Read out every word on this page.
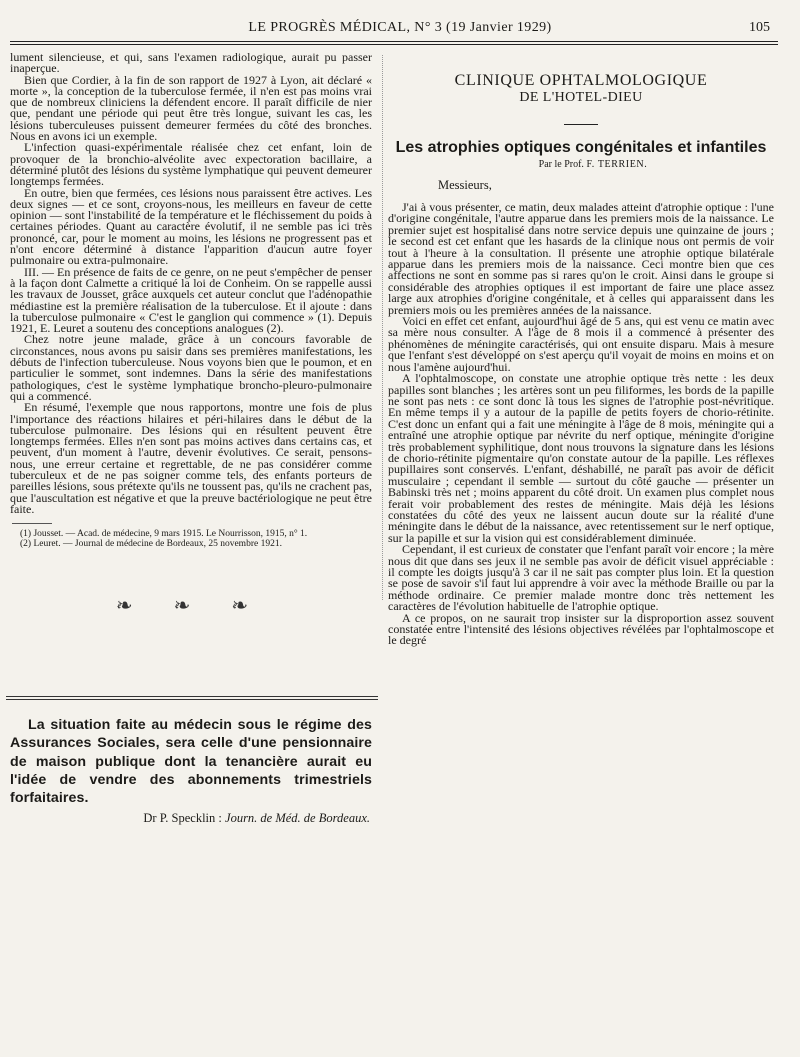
LE PROGRÈS MÉDICAL, N° 3 (19 Janvier 1929)	105

lument silencieuse, et qui, sans l'examen radiologique, aurait pu passer inaperçue.

Bien que Cordier, à la fin de son rapport de 1927 à Lyon, ait déclaré « morte », la conception de la tuberculose fermée, il n'en est pas moins vrai que de nombreux cliniciens la défendent encore. Il paraît difficile de nier que, pendant une période qui peut être très longue, suivant les cas, les lésions tuberculeuses puissent demeurer fermées du côté des bronches. Nous en avons ici un exemple.

L'infection quasi-expérimentale réalisée chez cet enfant, loin de provoquer de la bronchio-alvéolite avec expectoration bacillaire, a déterminé plutôt des lésions du système lymphatique qui peuvent demeurer longtemps fermées.

En outre, bien que fermées, ces lésions nous paraissent être actives. Les deux signes — et ce sont, croyons-nous, les meilleurs en faveur de cette opinion — sont l'instabilité de la température et le fléchissement du poids à certaines périodes. Quant au caractère évolutif, il ne semble pas ici très prononcé, car, pour le moment au moins, les lésions ne progressent pas et n'ont encore déterminé à distance l'apparition d'aucun autre foyer pulmonaire ou extra-pulmonaire.

III. — En présence de faits de ce genre, on ne peut s'empêcher de penser à la façon dont Calmette a critiqué la loi de Conheim. On se rappelle aussi les travaux de Jousset, grâce auxquels cet auteur conclut que l'adénopathie médiastine est la première réalisation de la tuberculose. Et il ajoute : dans la tuberculose pulmonaire « C'est le ganglion qui commence » (1). Depuis 1921, E. Leuret a soutenu des conceptions analogues (2).

Chez notre jeune malade, grâce à un concours favorable de circonstances, nous avons pu saisir dans ses premières manifestations, les débuts de l'infection tuberculeuse. Nous voyons bien que le poumon, et en particulier le sommet, sont indemnes. Dans la série des manifestations pathologiques, c'est le système lymphatique broncho-pleuro-pulmonaire qui a commencé.

En résumé, l'exemple que nous rapportons, montre une fois de plus l'importance des réactions hilaires et péri-hilaires dans le début de la tuberculose pulmonaire. Des lésions qui en résultent peuvent être longtemps fermées. Elles n'en sont pas moins actives dans certains cas, et peuvent, d'un moment à l'autre, devenir évolutives. Ce serait, pensons-nous, une erreur certaine et regrettable, de ne pas considérer comme tuberculeux et de ne pas soigner comme tels, des enfants porteurs de pareilles lésions, sous prétexte qu'ils ne toussent pas, qu'ils ne crachent pas, que l'auscultation est négative et que la preuve bactériologique ne peut être faite.

(1) Jousset. — Acad. de médecine, 9 mars 1915. Le Nourrisson, 1915, n° 1.

(2) Leuret. — Journal de médecine de Bordeaux, 25 novembre 1921.

❧ ❧ ❧
La situation faite au médecin sous le régime des Assurances Sociales, sera celle d'une pensionnaire de maison publique dont la tenancière aurait eu l'idée de vendre des abonnements trimestriels forfaitaires.
Dr P. Specklin : Journ. de Méd. de Bordeaux.
CLINIQUE OPHTALMOLOGIQUE
DE L'HOTEL-DIEU
Les atrophies optiques congénitales et infantiles
Par le Prof. F. TERRIEN.
Messieurs,

J'ai à vous présenter, ce matin, deux malades atteint d'atrophie optique : l'une d'origine congénitale, l'autre apparue dans les premiers mois de la naissance. Le premier sujet est hospitalisé dans notre service depuis une quinzaine de jours ; le second est cet enfant que les hasards de la clinique nous ont permis de voir tout à l'heure à la consultation. Il présente une atrophie optique bilatérale apparue dans les premiers mois de la naissance. Ceci montre bien que ces affections ne sont en somme pas si rares qu'on le croit. Ainsi dans le groupe si considérable des atrophies optiques il est important de faire une place assez large aux atrophies d'origine congénitale, et à celles qui apparaissent dans les premiers mois ou les premières années de la naissance.

Voici en effet cet enfant, aujourd'hui âgé de 5 ans, qui est venu ce matin avec sa mère nous consulter. A l'âge de 8 mois il a commencé à présenter des phénomènes de méningite caractérisés, qui ont ensuite disparu. Mais à mesure que l'enfant s'est développé on s'est aperçu qu'il voyait de moins en moins et on nous l'amène aujourd'hui.

A l'ophtalmoscope, on constate une atrophie optique très nette : les deux papilles sont blanches ; les artères sont un peu filiformes, les bords de la papille ne sont pas nets : ce sont donc là tous les signes de l'atrophie post-névritique. En même temps il y a autour de la papille de petits foyers de chorio-rétinite. C'est donc un enfant qui a fait une méningite à l'âge de 8 mois, méningite qui a entraîné une atrophie optique par névrite du nerf optique, méningite d'origine très probablement syphilitique, dont nous trouvons la signature dans les lésions de chorio-rétinite pigmentaire qu'on constate autour de la papille. Les réflexes pupillaires sont conservés. L'enfant, déshabillé, ne paraît pas avoir de déficit musculaire ; cependant il semble — surtout du côté gauche — présenter un Babinski très net ; moins apparent du côté droit. Un examen plus complet nous ferait voir probablement des restes de méningite. Mais déjà les lésions constatées du côté des yeux ne laissent aucun doute sur la réalité d'une méningite dans le début de la naissance, avec retentissement sur le nerf optique, sur la papille et sur la vision qui est considérablement diminuée.

Cependant, il est curieux de constater que l'enfant paraît voir encore ; la mère nous dit que dans ses jeux il ne semble pas avoir de déficit visuel appréciable : il compte les doigts jusqu'à 3 car il ne sait pas compter plus loin. Et la question se pose de savoir s'il faut lui apprendre à voir avec la méthode Braille ou par la méthode ordinaire. Ce premier malade montre donc très nettement les caractères de l'évolution habituelle de l'atrophie optique.

A ce propos, on ne saurait trop insister sur la disproportion assez souvent constatée entre l'intensité des lésions objectives révélées par l'ophtalmoscope et le degré
